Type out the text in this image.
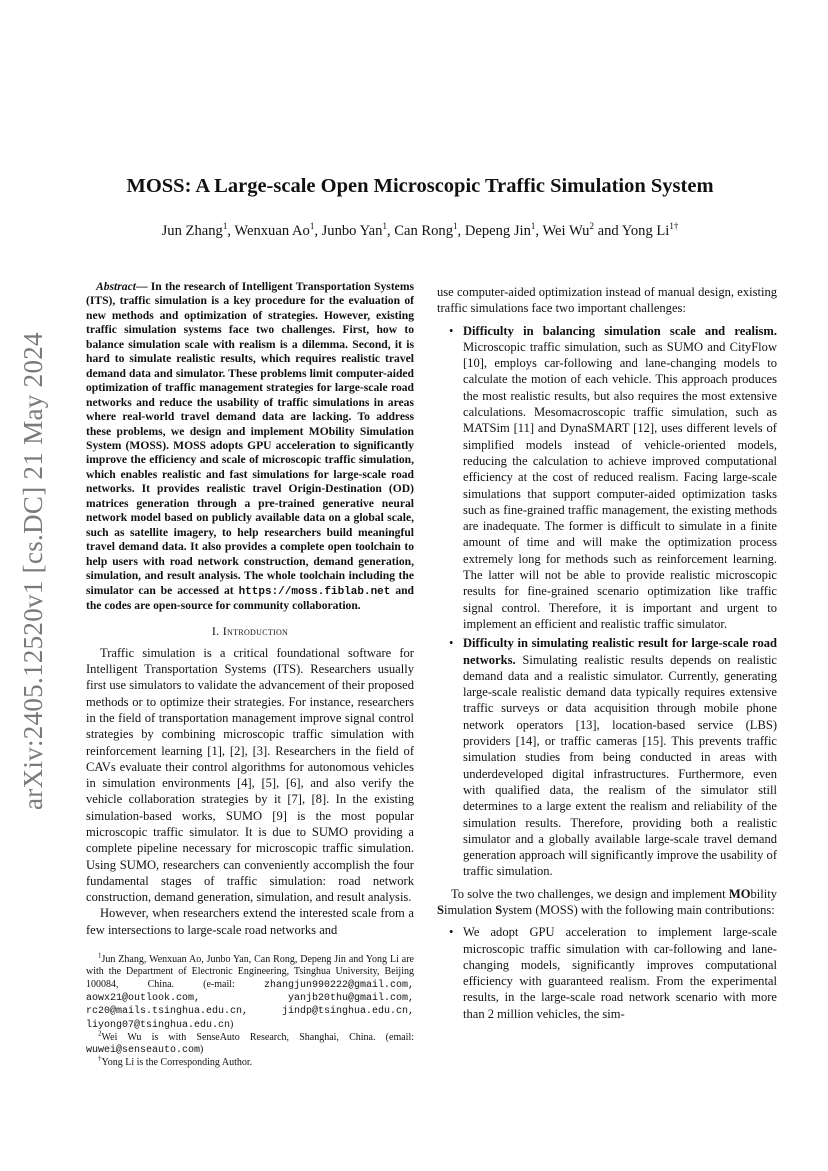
arXiv:2405.12520v1 [cs.DC] 21 May 2024
MOSS: A Large-scale Open Microscopic Traffic Simulation System
Jun Zhang$^1$, Wenxuan Ao$^1$, Junbo Yan$^1$, Can Rong$^1$, Depeng Jin$^1$, Wei Wu$^2$ and Yong $Li^{1\dagger}$

Abstract— In the research of Intelligent Transportation Systems (ITS), traffic simulation is a key procedure for the evaluation of new methods and optimization of strategies. However, existing traffic simulation systems face two challenges. First, how to balance simulation scale with realism is a dilemma. Second, it is hard to simulate realistic results, which requires realistic travel demand data and simulator. These problems limit computer-aided optimization of traffic management strategies for large-scale road networks and reduce the usability of traffic simulations in areas where real-world travel demand data are lacking. To address these problems, we design and implement MObility Simulation System (MOSS). MOSS adopts GPU acceleration to significantly improve the efficiency and scale of microscopic traffic simulation, which enables realistic and fast simulations for large-scale road networks. It provides realistic travel Origin-Destination (OD) matrices generation through a pre-trained generative neural network model based on publicly available data on a global scale, such as satellite imagery, to help researchers build meaningful travel demand data. It also provides a complete open toolchain to help users with road network construction, demand generation, simulation, and result analysis. The whole toolchain including the simulator can be accessed at https://moss.fiblab.net and the codes are open-source for community collaboration.

I. Introduction

Traffic simulation is a critical foundational software for Intelligent Transportation Systems (ITS). Researchers usually first use simulators to validate the advancement of their proposed methods or to optimize their strategies. For instance, researchers in the field of transportation management improve signal control strategies by combining microscopic traffic simulation with reinforcement learning [1], [2], [3]. Researchers in the field of CAVs evaluate their control algorithms for autonomous vehicles in simulation environments [4], [5], [6], and also verify the vehicle collaboration strategies by it [7], [8]. In the existing simulation-based works, SUMO [9] is the most popular microscopic traffic simulator. It is due to SUMO providing a complete pipeline necessary for microscopic traffic simulation. Using SUMO, researchers can conveniently accomplish the four fundamental stages of traffic simulation: road network construction, demand generation, simulation, and result analysis.

However, when researchers extend the interested scale from a few intersections to large-scale road networks and

$^1$Jun Zhang, Wenxuan Ao, Junbo Yan, Can Rong, Depeng Jin and Yong Li are with the Department of Electronic Engineering, Tsinghua University, Beijing 100084, China. (e-mail: zhangjun990222@gmail.com, aowx21@outlook.com, yanjb20thu@gmail.com, rc20@mails.tsinghua.edu.cn, jindp@tsinghua.edu.cn, liyong07@tsinghua.edu.cn)

$^2$Wei Wu is with SenseAuto Research, Shanghai, China. (email: wuwei@senseauto.com)

†Yong Li is the Corresponding Author.

use computer-aided optimization instead of manual design, existing traffic simulations face two important challenges:

• Difficulty in balancing simulation scale and realism. Microscopic traffic simulation, such as SUMO and CityFlow [10], employs car-following and lane-changing models to calculate the motion of each vehicle. This approach produces the most realistic results, but also requires the most extensive calculations. Mesomacroscopic traffic simulation, such as MATSim [11] and DynaSMART [12], uses different levels of simplified models instead of vehicle-oriented models, reducing the calculation to achieve improved computational efficiency at the cost of reduced realism. Facing large-scale simulations that support computer-aided optimization tasks such as fine-grained traffic management, the existing methods are inadequate. The former is difficult to simulate in a finite amount of time and will make the optimization process extremely long for methods such as reinforcement learning. The latter will not be able to provide realistic microscopic results for fine-grained scenario optimization like traffic signal control. Therefore, it is important and urgent to implement an efficient and realistic traffic simulator.
• Difficulty in simulating realistic result for large-scale road networks. Simulating realistic results depends on realistic demand data and a realistic simulator. Currently, generating large-scale realistic demand data typically requires extensive traffic surveys or data acquisition through mobile phone network operators [13], location-based service (LBS) providers [14], or traffic cameras [15]. This prevents traffic simulation studies from being conducted in areas with underdeveloped digital infrastructures. Furthermore, even with qualified data, the realism of the simulator still determines to a large extent the realism and reliability of the simulation results. Therefore, providing both a realistic simulator and a globally available large-scale travel demand generation approach will significantly improve the usability of traffic simulation.

To solve the two challenges, we design and implement MObility Simulation System (MOSS) with the following main contributions:

• We adopt GPU acceleration to implement large-scale microscopic traffic simulation with car-following and lane-changing models, significantly improves computational efficiency with guaranteed realism. From the experimental results, in the large-scale road network scenario with more than 2 million vehicles, the sim-
